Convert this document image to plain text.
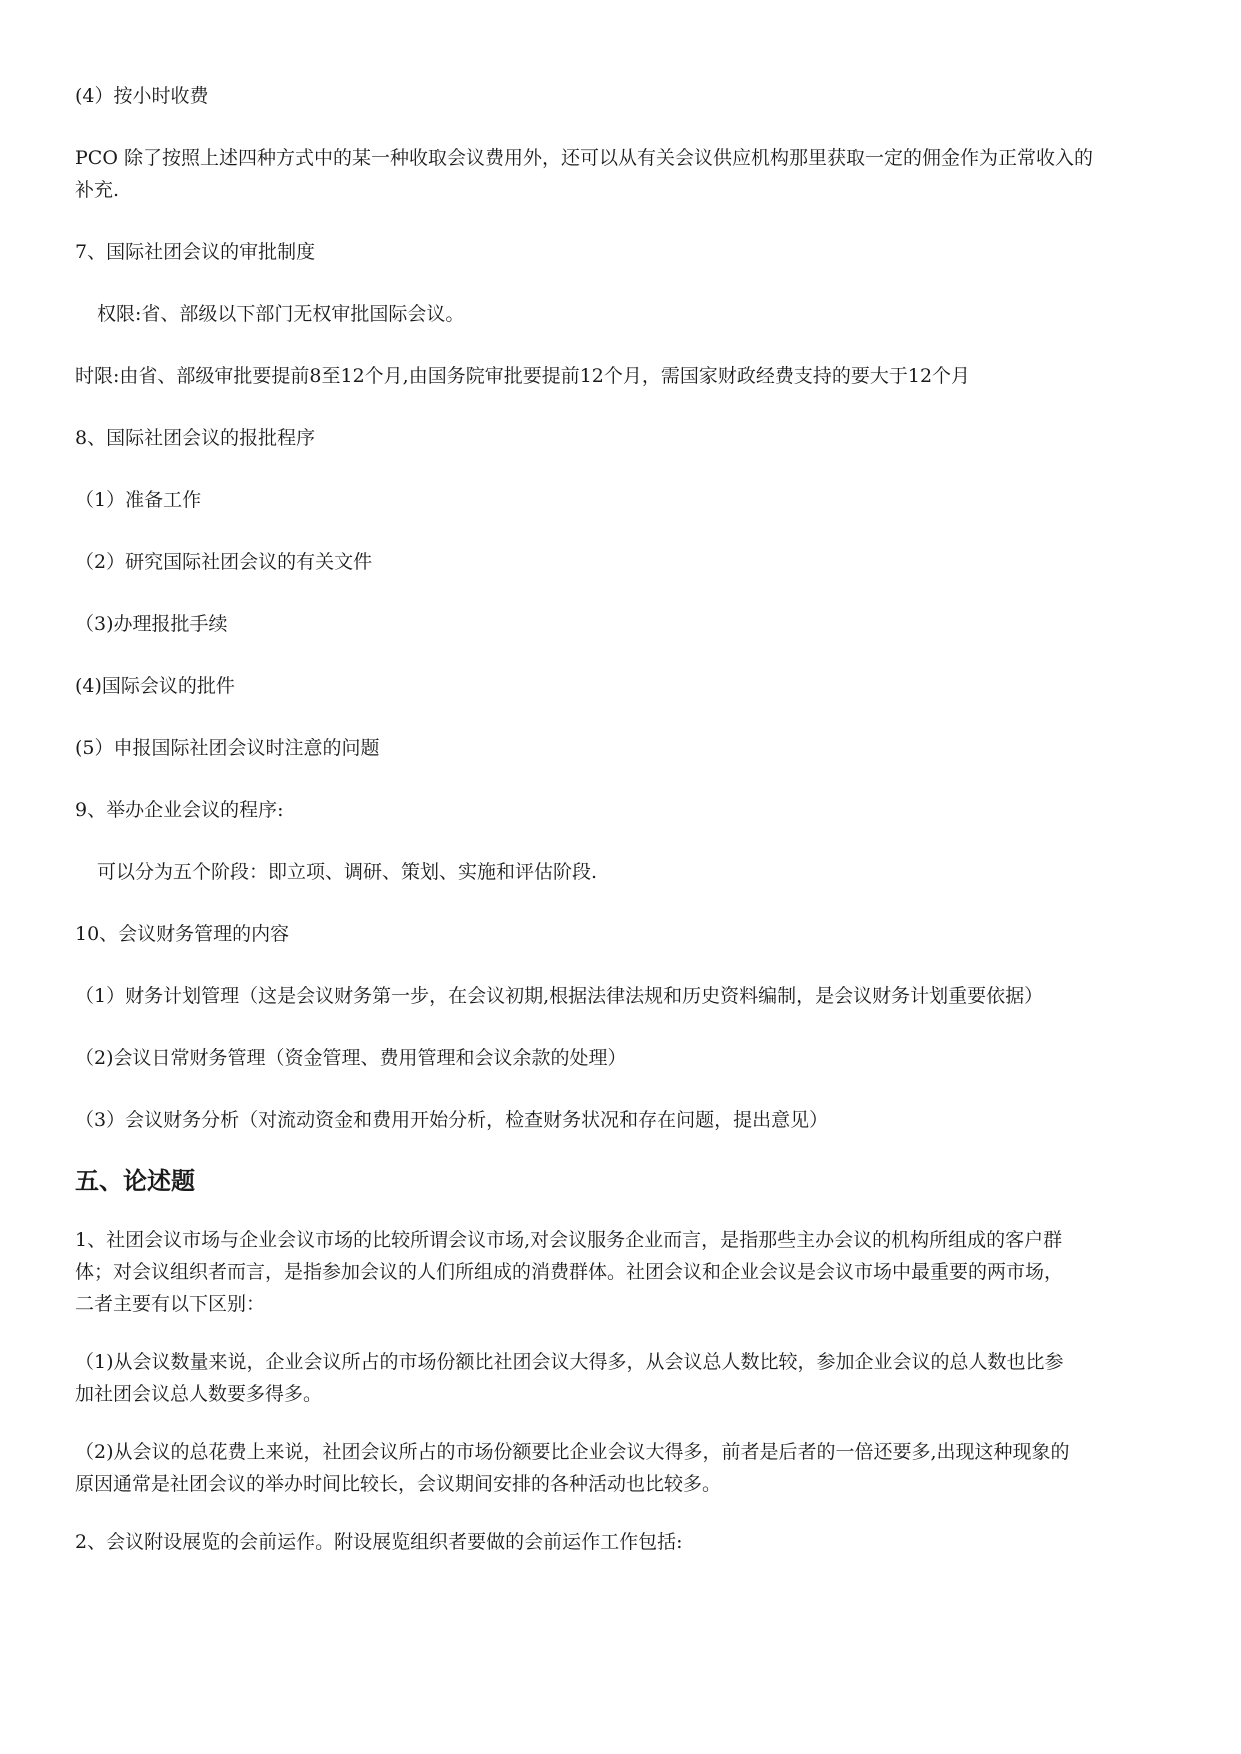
(4）按小时收费

PCO 除了按照上述四种方式中的某一种收取会议费用外，还可以从有关会议供应机构那里获取一定的佣金作为正常收入的
补充.

7、国际社团会议的审批制度

权限:省、部级以下部门无权审批国际会议。

时限:由省、部级审批要提前8至12个月,由国务院审批要提前12个月，需国家财政经费支持的要大于12个月

8、国际社团会议的报批程序

（1）准备工作

（2）研究国际社团会议的有关文件

（3)办理报批手续

(4)国际会议的批件

(5）申报国际社团会议时注意的问题

9、举办企业会议的程序:

可以分为五个阶段：即立项、调研、策划、实施和评估阶段.

10、会议财务管理的内容

（1）财务计划管理（这是会议财务第一步，在会议初期,根据法律法规和历史资料编制，是会议财务计划重要依据）

（2)会议日常财务管理（资金管理、费用管理和会议余款的处理）

（3）会议财务分析（对流动资金和费用开始分析，检查财务状况和存在问题，提出意见）

五、论述题

1、社团会议市场与企业会议市场的比较所谓会议市场,对会议服务企业而言，是指那些主办会议的机构所组成的客户群
体；对会议组织者而言，是指参加会议的人们所组成的消费群体。社团会议和企业会议是会议市场中最重要的两市场，
二者主要有以下区别：

（1)从会议数量来说，企业会议所占的市场份额比社团会议大得多，从会议总人数比较，参加企业会议的总人数也比参
加社团会议总人数要多得多。

（2)从会议的总花费上来说，社团会议所占的市场份额要比企业会议大得多，前者是后者的一倍还要多,出现这种现象的
原因通常是社团会议的举办时间比较长，会议期间安排的各种活动也比较多。

2、会议附设展览的会前运作。附设展览组织者要做的会前运作工作包括:
